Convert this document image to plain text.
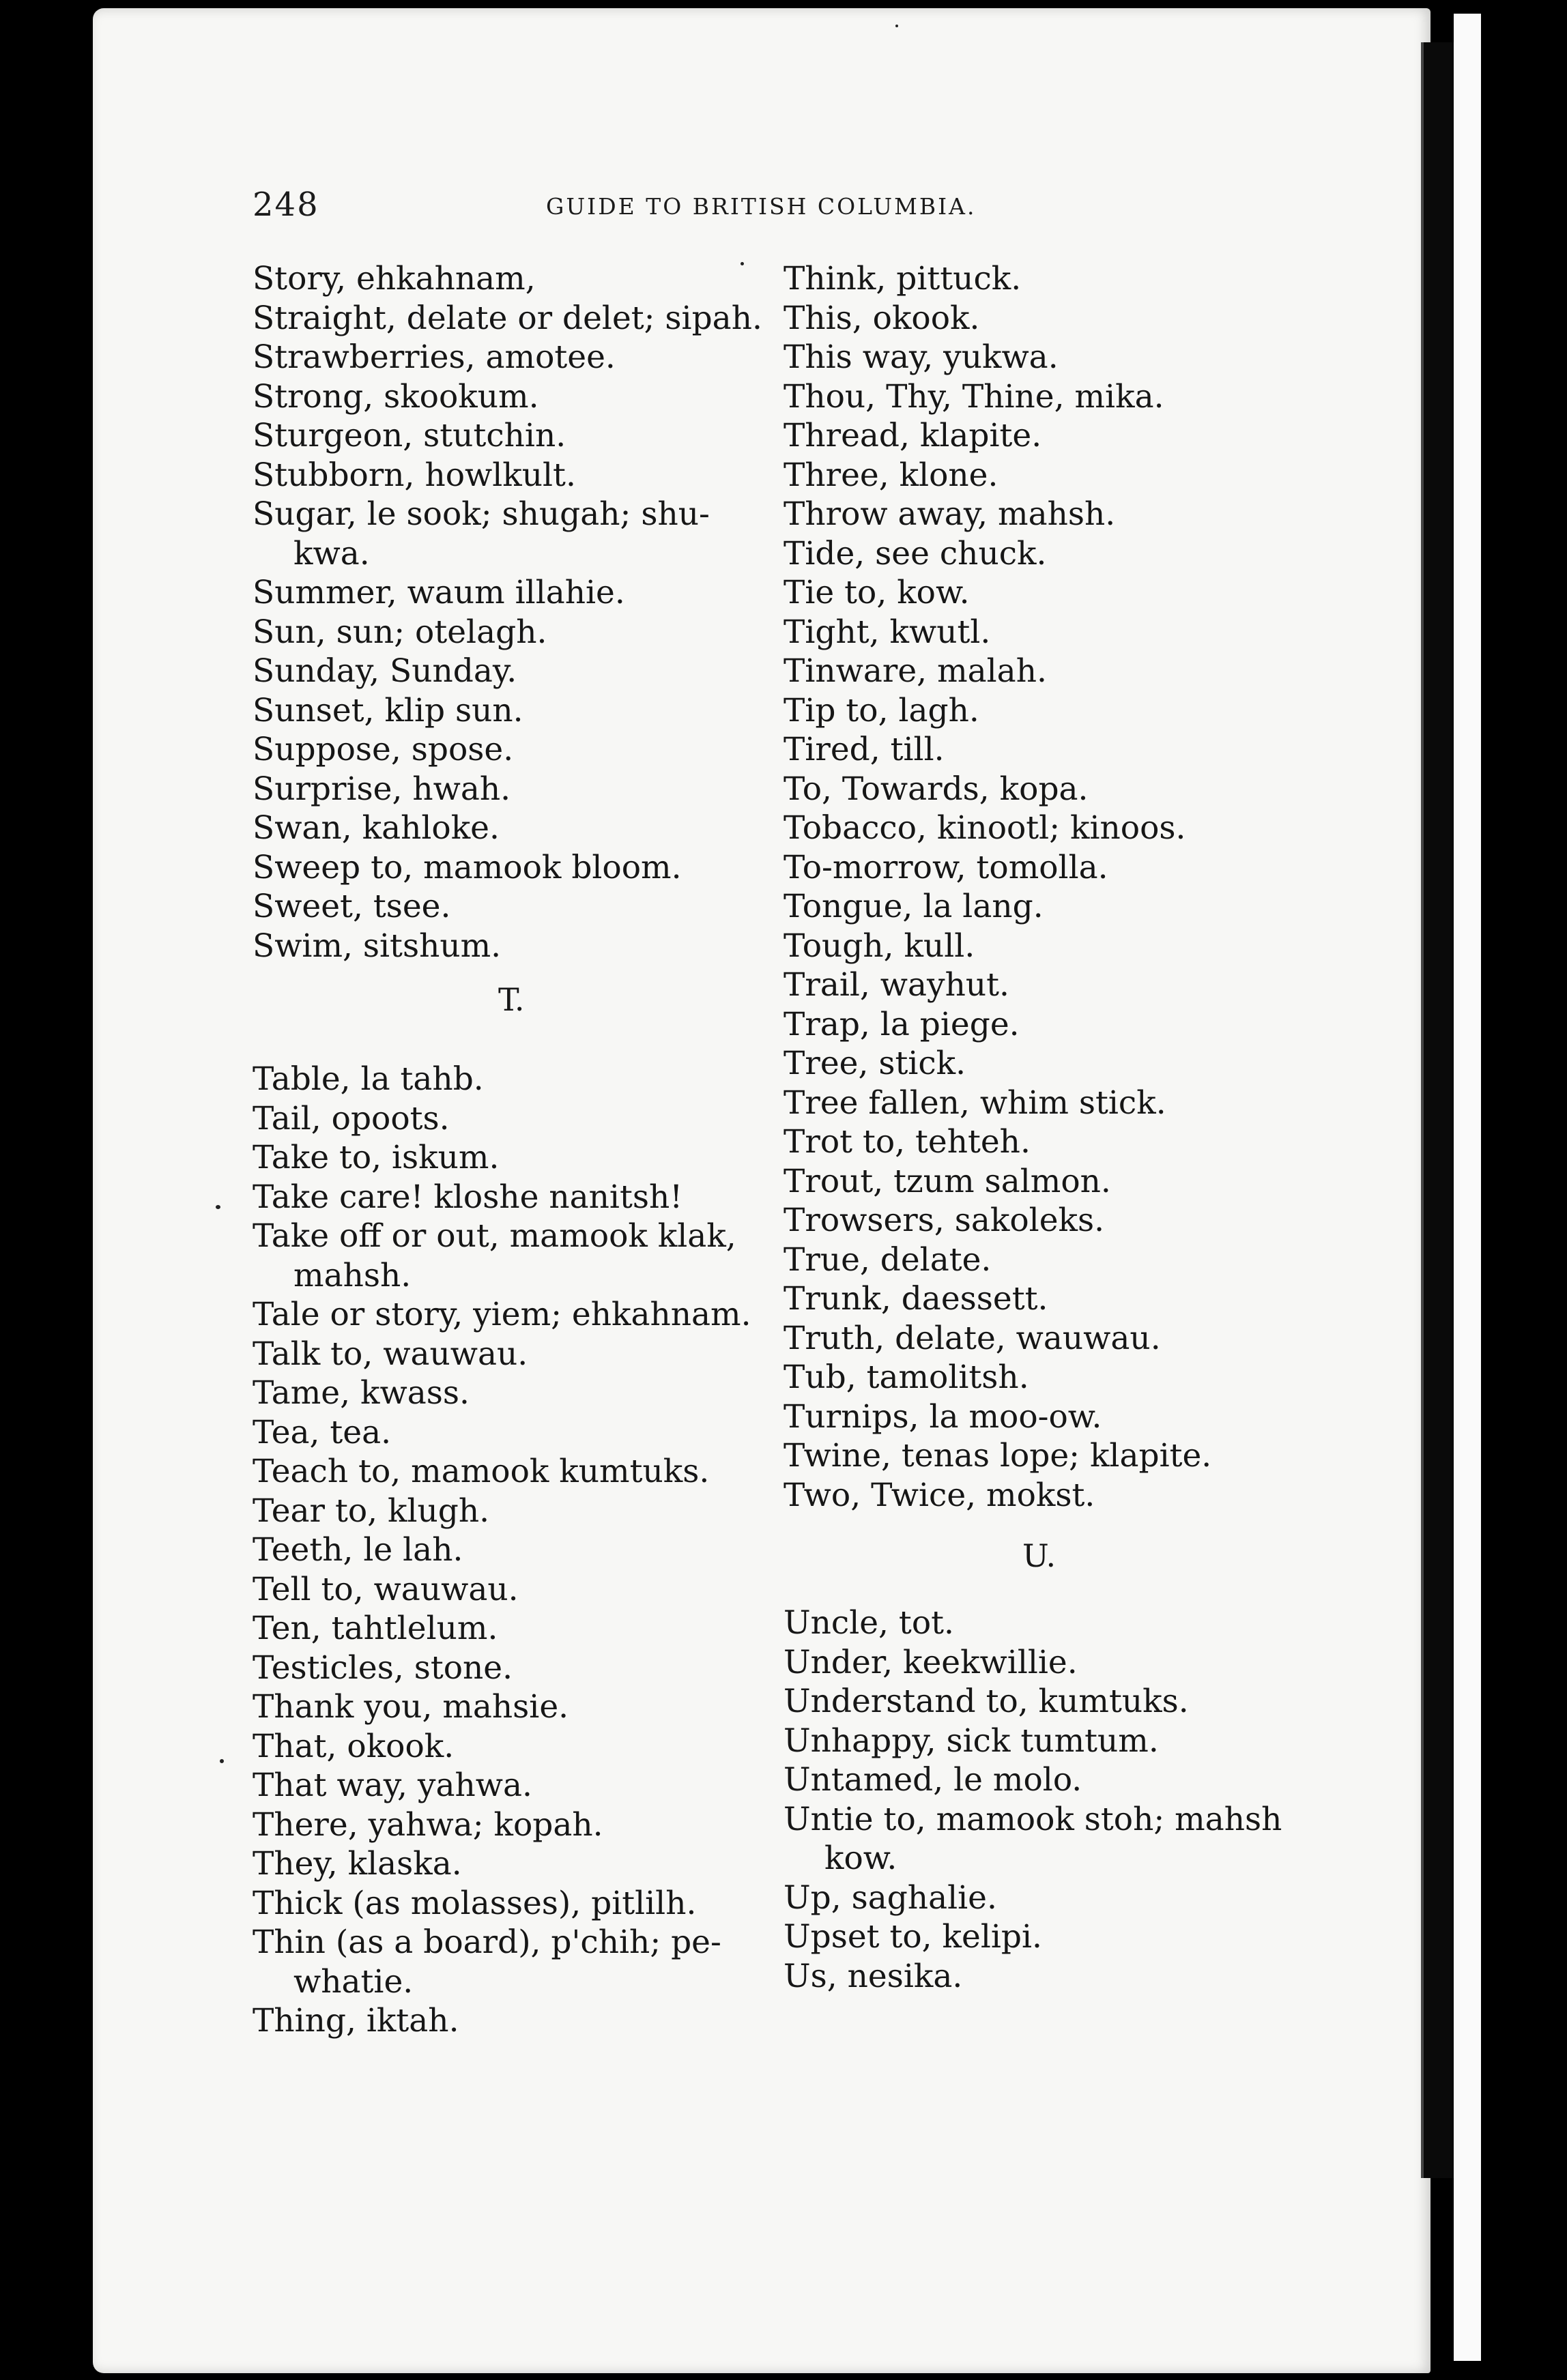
248	GUIDE TO BRITISH COLUMBIA.
Story, ehkahnam,
Straight, delate or delet; sipah.
Strawberries, amotee.
Strong, skookum.
Sturgeon, stutchin.
Stubborn, howlkult.
Sugar, le sook; shugah; shu-
kwa.
Summer, waum illahie.
Sun, sun; otelagh.
Sunday, Sunday.
Sunset, klip sun.
Suppose, spose.
Surprise, hwah.
Swan, kahloke.
Sweep to, mamook bloom.
Sweet, tsee.
Swim, sitshum.
T.
Table, la tahb.
Tail, opoots.
Take to, iskum.
Take care! kloshe nanitsh!
Take off or out, mamook klak,
mahsh.
Tale or story, yiem; ehkahnam.
Talk to, wauwau.
Tame, kwass.
Tea, tea.
Teach to, mamook kumtuks.
Tear to, klugh.
Teeth, le lah.
Tell to, wauwau.
Ten, tahtlelum.
Testicles, stone.
Thank you, mahsie.
That, okook.
That way, yahwa.
There, yahwa; kopah.
They, klaska.
Thick (as molasses), pitlilh.
Thin (as a board), p'chih; pe-
whatie.
Thing, iktah.
Think, pittuck.
This, okook.
This way, yukwa.
Thou, Thy, Thine, mika.
Thread, klapite.
Three, klone.
Throw away, mahsh.
Tide, see chuck.
Tie to, kow.
Tight, kwutl.
Tinware, malah.
Tip to, lagh.
Tired, till.
To, Towards, kopa.
Tobacco, kinootl; kinoos.
To-morrow, tomolla.
Tongue, la lang.
Tough, kull.
Trail, wayhut.
Trap, la piege.
Tree, stick.
Tree fallen, whim stick.
Trot to, tehteh.
Trout, tzum salmon.
Trowsers, sakoleks.
True, delate.
Trunk, daessett.
Truth, delate, wauwau.
Tub, tamolitsh.
Turnips, la moo-ow.
Twine, tenas lope; klapite.
Two, Twice, mokst.
U.
Uncle, tot.
Under, keekwillie.
Understand to, kumtuks.
Unhappy, sick tumtum.
Untamed, le molo.
Untie to, mamook stoh; mahsh
kow.
Up, saghalie.
Upset to, kelipi.
Us, nesika.
